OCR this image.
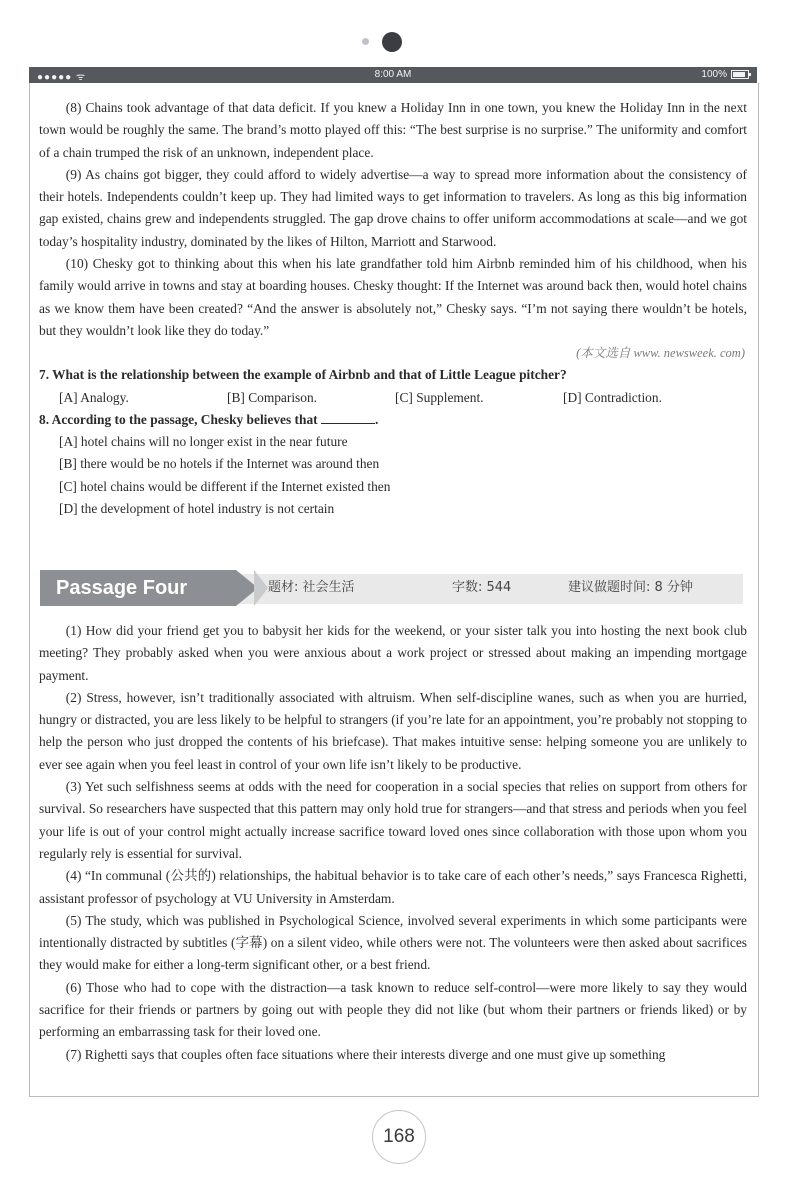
●●●●● ᯤ	8:00 AM	100%

(8) Chains took advantage of that data deficit. If you knew a Holiday Inn in one town, you knew the Holiday Inn in the next town would be roughly the same. The brand’s motto played off this: “The best surprise is no surprise.” The uniformity and comfort of a chain trumped the risk of an unknown, independent place.

(9) As chains got bigger, they could afford to widely advertise—a way to spread more information about the consistency of their hotels. Independents couldn’t keep up. They had limited ways to get information to travelers. As long as this big information gap existed, chains grew and independents struggled. The gap drove chains to offer uniform accommodations at scale—and we got today’s hospitality industry, dominated by the likes of Hilton, Marriott and Starwood.

(10) Chesky got to thinking about this when his late grandfather told him Airbnb reminded him of his childhood, when his family would arrive in towns and stay at boarding houses. Chesky thought: If the Internet was around back then, would hotel chains as we know them have been created? “And the answer is absolutely not,” Chesky says. “I’m not saying there wouldn’t be hotels, but they wouldn’t look like they do today.”

(本文选自 www. newsweek. com)
7. What is the relationship between the example of Airbnb and that of Little League pitcher?
[A] Analogy.	[B] Comparison.	[C] Supplement.	[D] Contradiction.
8. According to the passage, Chesky believes that	.
[A] hotel chains will no longer exist in the near future
[B] there would be no hotels if the Internet was around then
[C] hotel chains would be different if the Internet existed then
[D] the development of hotel industry is not certain
Passage Four	题材: 社会生活	字数: 544	建议做题时间: 8 分钟

(1) How did your friend get you to babysit her kids for the weekend, or your sister talk you into hosting the next book club meeting? They probably asked when you were anxious about a work project or stressed about making an impending mortgage payment.

(2) Stress, however, isn’t traditionally associated with altruism. When self-discipline wanes, such as when you are hurried, hungry or distracted, you are less likely to be helpful to strangers (if you’re late for an appointment, you’re probably not stopping to help the person who just dropped the contents of his briefcase). That makes intuitive sense: helping someone you are unlikely to ever see again when you feel least in control of your own life isn’t likely to be productive.

(3) Yet such selfishness seems at odds with the need for cooperation in a social species that relies on support from others for survival. So researchers have suspected that this pattern may only hold true for strangers—and that stress and periods when you feel your life is out of your control might actually increase sacrifice toward loved ones since collaboration with those upon whom you regularly rely is essential for survival.

(4) “In communal (公共的) relationships, the habitual behavior is to take care of each other’s needs,” says Francesca Righetti, assistant professor of psychology at VU University in Amsterdam.

(5) The study, which was published in Psychological Science, involved several experiments in which some participants were intentionally distracted by subtitles (字幕) on a silent video, while others were not. The volunteers were then asked about sacrifices they would make for either a long-term significant other, or a best friend.

(6) Those who had to cope with the distraction—a task known to reduce self-control—were more likely to say they would sacrifice for their friends or partners by going out with people they did not like (but whom their partners or friends liked) or by performing an embarrassing task for their loved one.

(7) Righetti says that couples often face situations where their interests diverge and one must give up something

168
